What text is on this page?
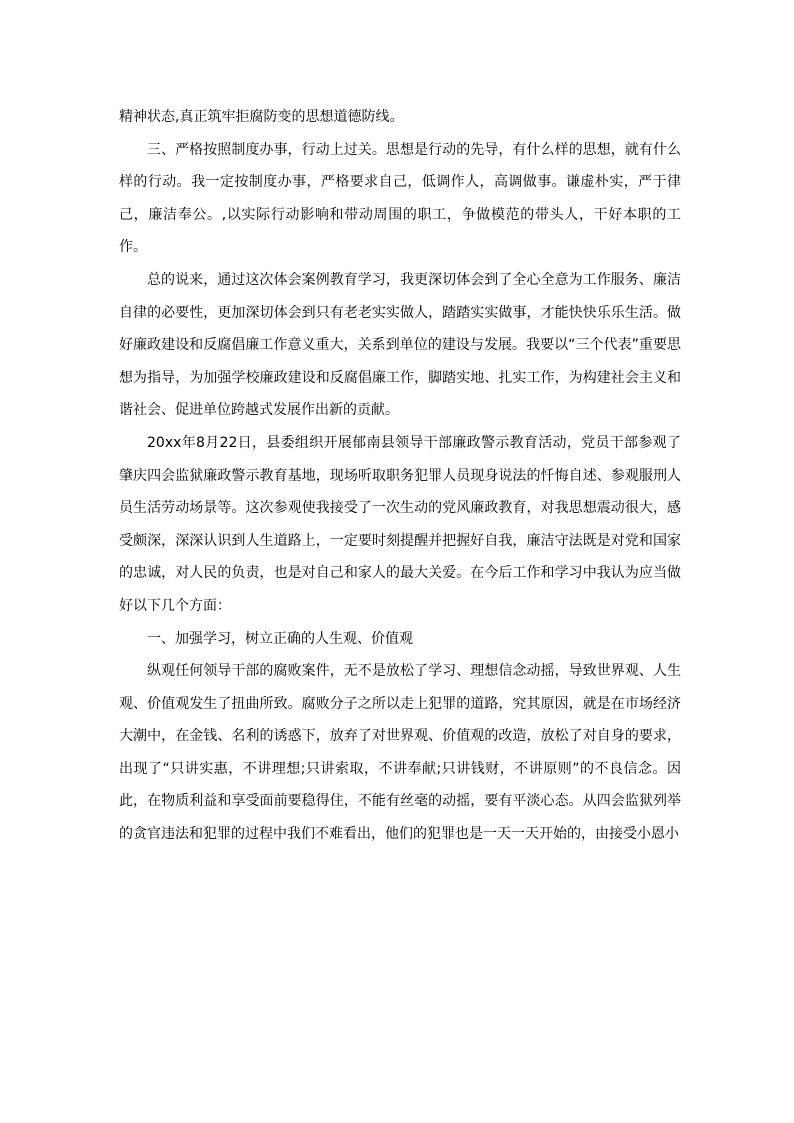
精神状态,真正筑牢拒腐防变的思想道德防线。

三、严格按照制度办事，行动上过关。思想是行动的先导，有什么样的思想，就有什么样的行动。我一定按制度办事，严格要求自己，低调作人，高调做事。谦虚朴实，严于律己，廉洁奉公。,以实际行动影响和带动周围的职工，争做模范的带头人，干好本职的工作。

总的说来，通过这次体会案例教育学习，我更深切体会到了全心全意为工作服务、廉洁自律的必要性，更加深切体会到只有老老实实做人，踏踏实实做事，才能快快乐乐生活。做好廉政建设和反腐倡廉工作意义重大，关系到单位的建设与发展。我要以“三个代表”重要思想为指导，为加强学校廉政建设和反腐倡廉工作，脚踏实地、扎实工作，为构建社会主义和谐社会、促进单位跨越式发展作出新的贡献。

20xx年8月22日，县委组织开展郁南县领导干部廉政警示教育活动，党员干部参观了肇庆四会监狱廉政警示教育基地，现场听取职务犯罪人员现身说法的忏悔自述、参观服刑人员生活劳动场景等。这次参观使我接受了一次生动的党风廉政教育，对我思想震动很大，感受颇深，深深认识到人生道路上，一定要时刻提醒并把握好自我，廉洁守法既是对党和国家的忠诚，对人民的负责，也是对自己和家人的最大关爱。在今后工作和学习中我认为应当做好以下几个方面：

一、加强学习，树立正确的人生观、价值观

纵观任何领导干部的腐败案件，无不是放松了学习、理想信念动摇，导致世界观、人生观、价值观发生了扭曲所致。腐败分子之所以走上犯罪的道路，究其原因，就是在市场经济大潮中，在金钱、名利的诱惑下，放弃了对世界观、价值观的改造，放松了对自身的要求，出现了“只讲实惠，不讲理想;只讲索取，不讲奉献;只讲钱财，不讲原则”的不良信念。因此，在物质利益和享受面前要稳得住，不能有丝毫的动摇，要有平淡心态。从四会监狱列举的贪官违法和犯罪的过程中我们不难看出，他们的犯罪也是一天一天开始的，由接受小恩小
